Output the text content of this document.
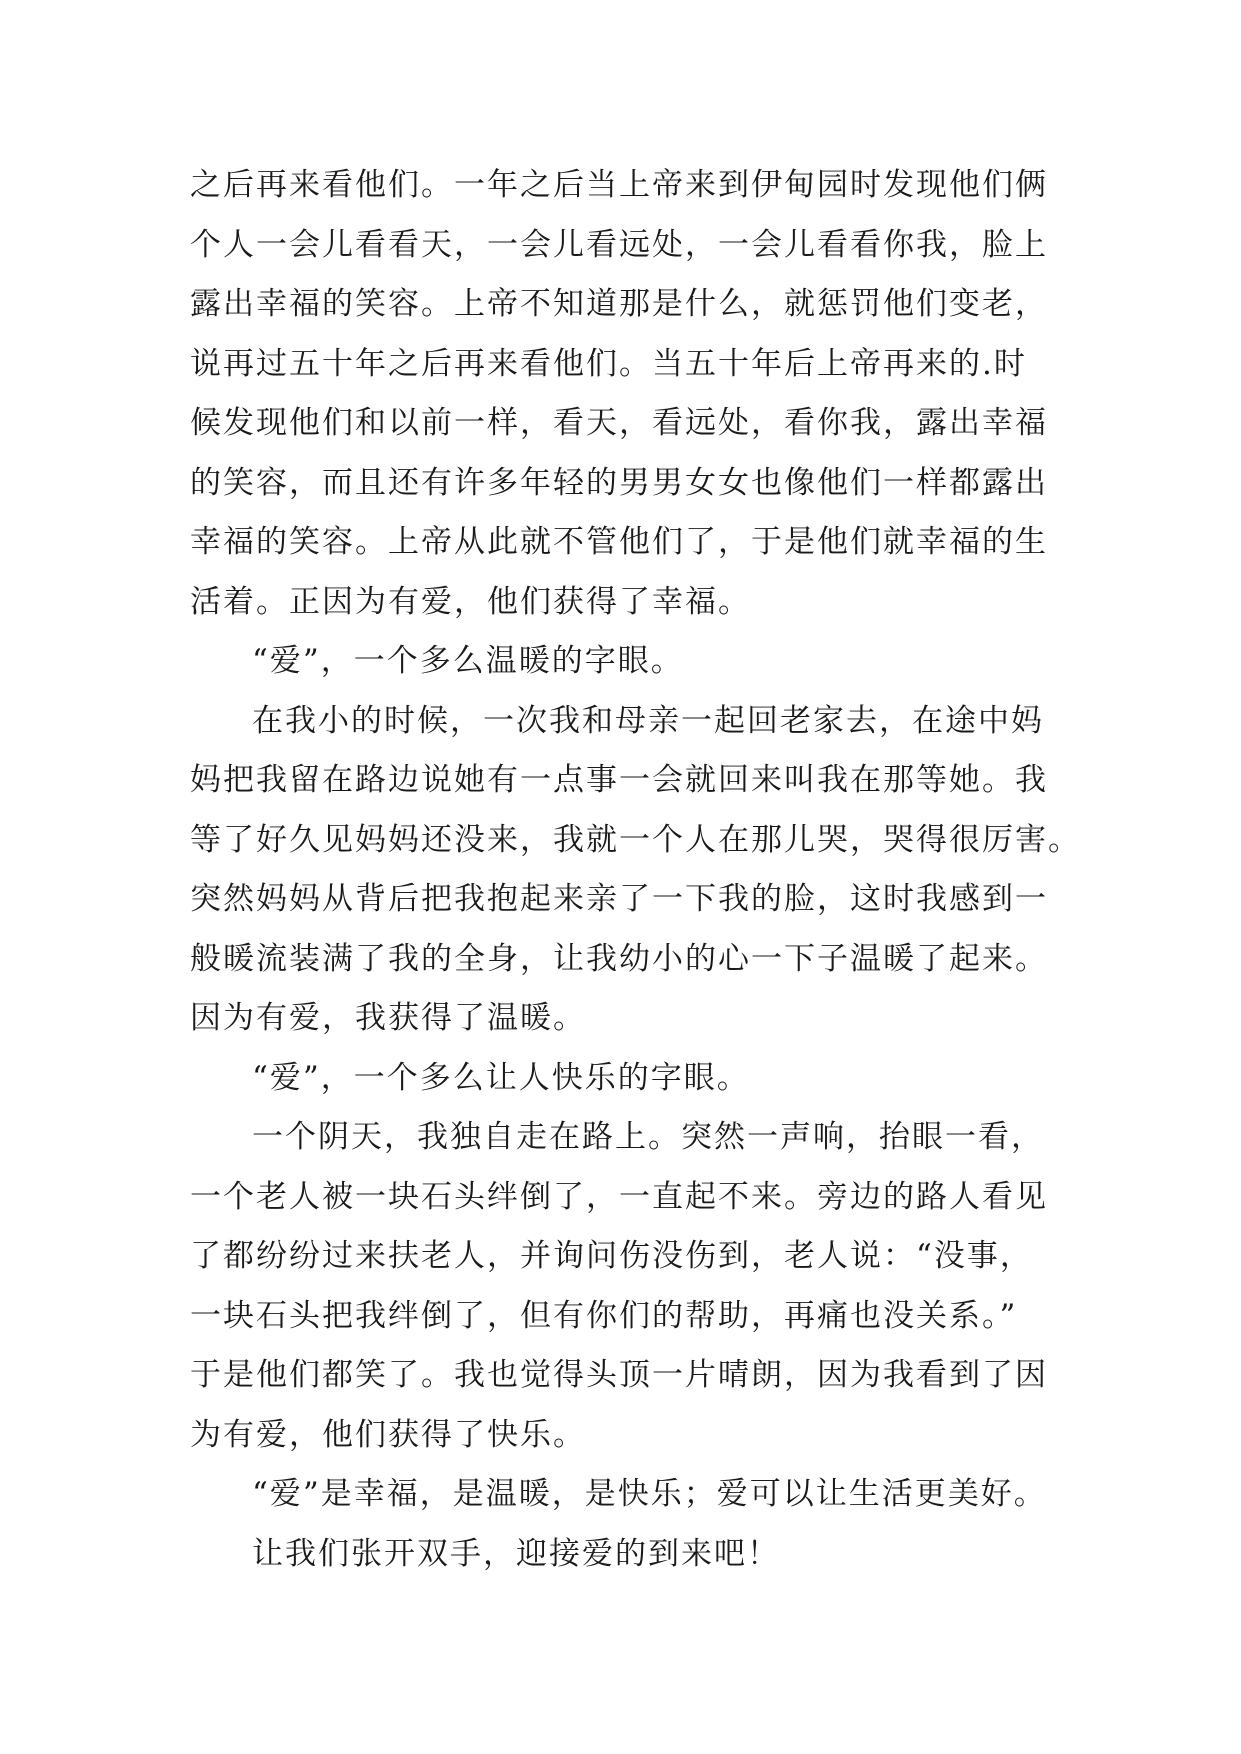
之后再来看他们。一年之后当上帝来到伊甸园时发现他们俩
个人一会儿看看天，一会儿看远处，一会儿看看你我，脸上
露出幸福的笑容。上帝不知道那是什么，就惩罚他们变老，
说再过五十年之后再来看他们。当五十年后上帝再来的.时
候发现他们和以前一样，看天，看远处，看你我，露出幸福
的笑容，而且还有许多年轻的男男女女也像他们一样都露出
幸福的笑容。上帝从此就不管他们了，于是他们就幸福的生
活着。正因为有爱，他们获得了幸福。
“爱”，一个多么温暖的字眼。
在我小的时候，一次我和母亲一起回老家去，在途中妈
妈把我留在路边说她有一点事一会就回来叫我在那等她。我
等了好久见妈妈还没来，我就一个人在那儿哭，哭得很厉害。
突然妈妈从背后把我抱起来亲了一下我的脸，这时我感到一
般暖流装满了我的全身，让我幼小的心一下子温暖了起来。
因为有爱，我获得了温暖。
“爱”，一个多么让人快乐的字眼。
一个阴天，我独自走在路上。突然一声响，抬眼一看，
一个老人被一块石头绊倒了，一直起不来。旁边的路人看见
了都纷纷过来扶老人，并询问伤没伤到，老人说：“没事，
一块石头把我绊倒了，但有你们的帮助，再痛也没关系。”
于是他们都笑了。我也觉得头顶一片晴朗，因为我看到了因
为有爱，他们获得了快乐。
“爱”是幸福，是温暖，是快乐；爱可以让生活更美好。
让我们张开双手，迎接爱的到来吧！
